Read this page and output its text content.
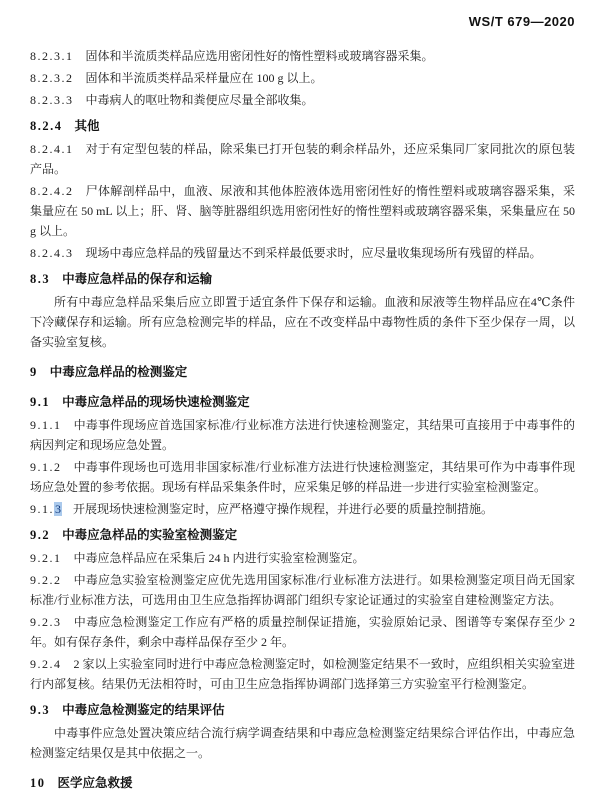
WS/T 679—2020
8.2.3.1 固体和半流质类样品应选用密闭性好的惰性塑料或玻璃容器采集。
8.2.3.2 固体和半流质类样品采样量应在 100 g 以上。
8.2.3.3 中毒病人的呕吐物和粪便应尽量全部收集。
8.2.4 其他
8.2.4.1 对于有定型包装的样品，除采集已打开包装的剩余样品外，还应采集同厂家同批次的原包装产品。
8.2.4.2 尸体解剖样品中，血液、尿液和其他体腔液体选用密闭性好的惰性塑料或玻璃容器采集，采集量应在 50 mL 以上；肝、肾、脑等脏器组织选用密闭性好的惰性塑料或玻璃容器采集，采集量应在 50 g 以上。
8.2.4.3 现场中毒应急样品的残留量达不到采样最低要求时，应尽量收集现场所有残留的样品。
8.3 中毒应急样品的保存和运输
所有中毒应急样品采集后应立即置于适宜条件下保存和运输。血液和尿液等生物样品应在4℃条件下冷藏保存和运输。所有应急检测完毕的样品，应在不改变样品中毒物性质的条件下至少保存一周，以备实验室复核。
9 中毒应急样品的检测鉴定
9.1 中毒应急样品的现场快速检测鉴定
9.1.1 中毒事件现场应首选国家标准/行业标准方法进行快速检测鉴定，其结果可直接用于中毒事件的病因判定和现场应急处置。
9.1.2 中毒事件现场也可选用非国家标准/行业标准方法进行快速检测鉴定，其结果可作为中毒事件现场应急处置的参考依据。现场有样品采集条件时，应采集足够的样品进一步进行实验室检测鉴定。
9.1.3 开展现场快速检测鉴定时，应严格遵守操作规程，并进行必要的质量控制措施。
9.2 中毒应急样品的实验室检测鉴定
9.2.1 中毒应急样品应在采集后 24 h 内进行实验室检测鉴定。
9.2.2 中毒应急实验室检测鉴定应优先选用国家标准/行业标准方法进行。如果检测鉴定项目尚无国家标准/行业标准方法，可选用由卫生应急指挥协调部门组织专家论证通过的实验室自建检测鉴定方法。
9.2.3 中毒应急检测鉴定工作应有严格的质量控制保证措施，实验原始记录、图谱等专案保存至少 2 年。如有保存条件，剩余中毒样品保存至少 2 年。
9.2.4 2 家以上实验室同时进行中毒应急检测鉴定时，如检测鉴定结果不一致时，应组织相关实验室进行内部复核。结果仍无法相符时，可由卫生应急指挥协调部门选择第三方实验室平行检测鉴定。
9.3 中毒应急检测鉴定的结果评估
中毒事件应急处置决策应结合流行病学调查结果和中毒应急检测鉴定结果综合评估作出，中毒应急检测鉴定结果仅是其中依据之一。
10 医学应急救援
